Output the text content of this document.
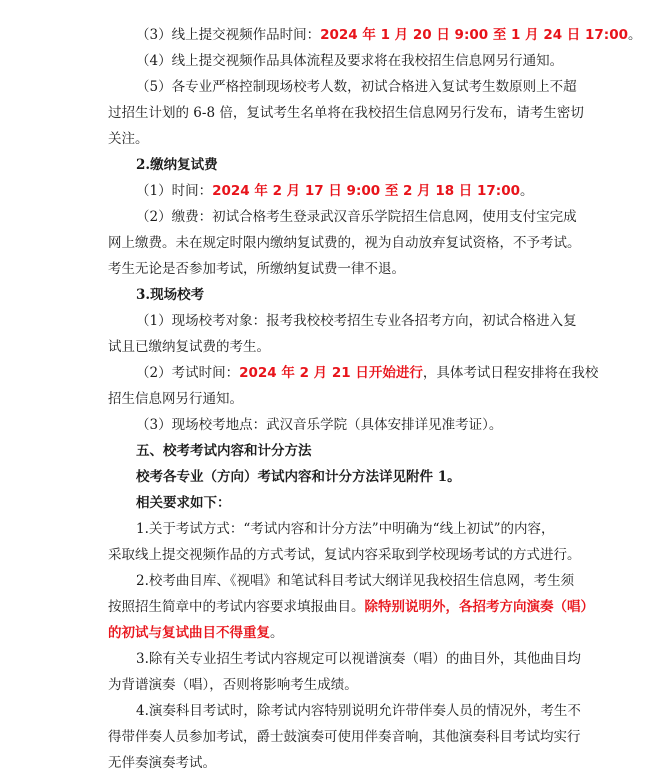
（3）线上提交视频作品时间：2024 年 1 月 20 日 9:00 至 1 月 24 日 17:00。
（4）线上提交视频作品具体流程及要求将在我校招生信息网另行通知。
（5）各专业严格控制现场校考人数，初试合格进入复试考生数原则上不超
过招生计划的 6-8 倍，复试考生名单将在我校招生信息网另行发布，请考生密切
关注。
2.缴纳复试费
（1）时间：2024 年 2 月 17 日 9:00 至 2 月 18 日 17:00。
（2）缴费：初试合格考生登录武汉音乐学院招生信息网，使用支付宝完成
网上缴费。未在规定时限内缴纳复试费的，视为自动放弃复试资格，不予考试。
考生无论是否参加考试，所缴纳复试费一律不退。
3.现场校考
（1）现场校考对象：报考我校校考招生专业各招考方向，初试合格进入复
试且已缴纳复试费的考生。
（2）考试时间：2024 年 2 月 21 日开始进行，具体考试日程安排将在我校
招生信息网另行通知。
（3）现场校考地点：武汉音乐学院（具体安排详见准考证）。
五、校考考试内容和计分方法
校考各专业（方向）考试内容和计分方法详见附件 1。
相关要求如下：
1.关于考试方式：“考试内容和计分方法”中明确为“线上初试”的内容，
采取线上提交视频作品的方式考试，复试内容采取到学校现场考试的方式进行。
2.校考曲目库、《视唱》和笔试科目考试大纲详见我校招生信息网，考生须
按照招生简章中的考试内容要求填报曲目。除特别说明外，各招考方向演奏（唱）
的初试与复试曲目不得重复。
3.除有关专业招生考试内容规定可以视谱演奏（唱）的曲目外，其他曲目均
为背谱演奏（唱），否则将影响考生成绩。
4.演奏科目考试时，除考试内容特别说明允许带伴奏人员的情况外，考生不
得带伴奏人员参加考试，爵士鼓演奏可使用伴奏音响，其他演奏科目考试均实行
无伴奏演奏考试。
